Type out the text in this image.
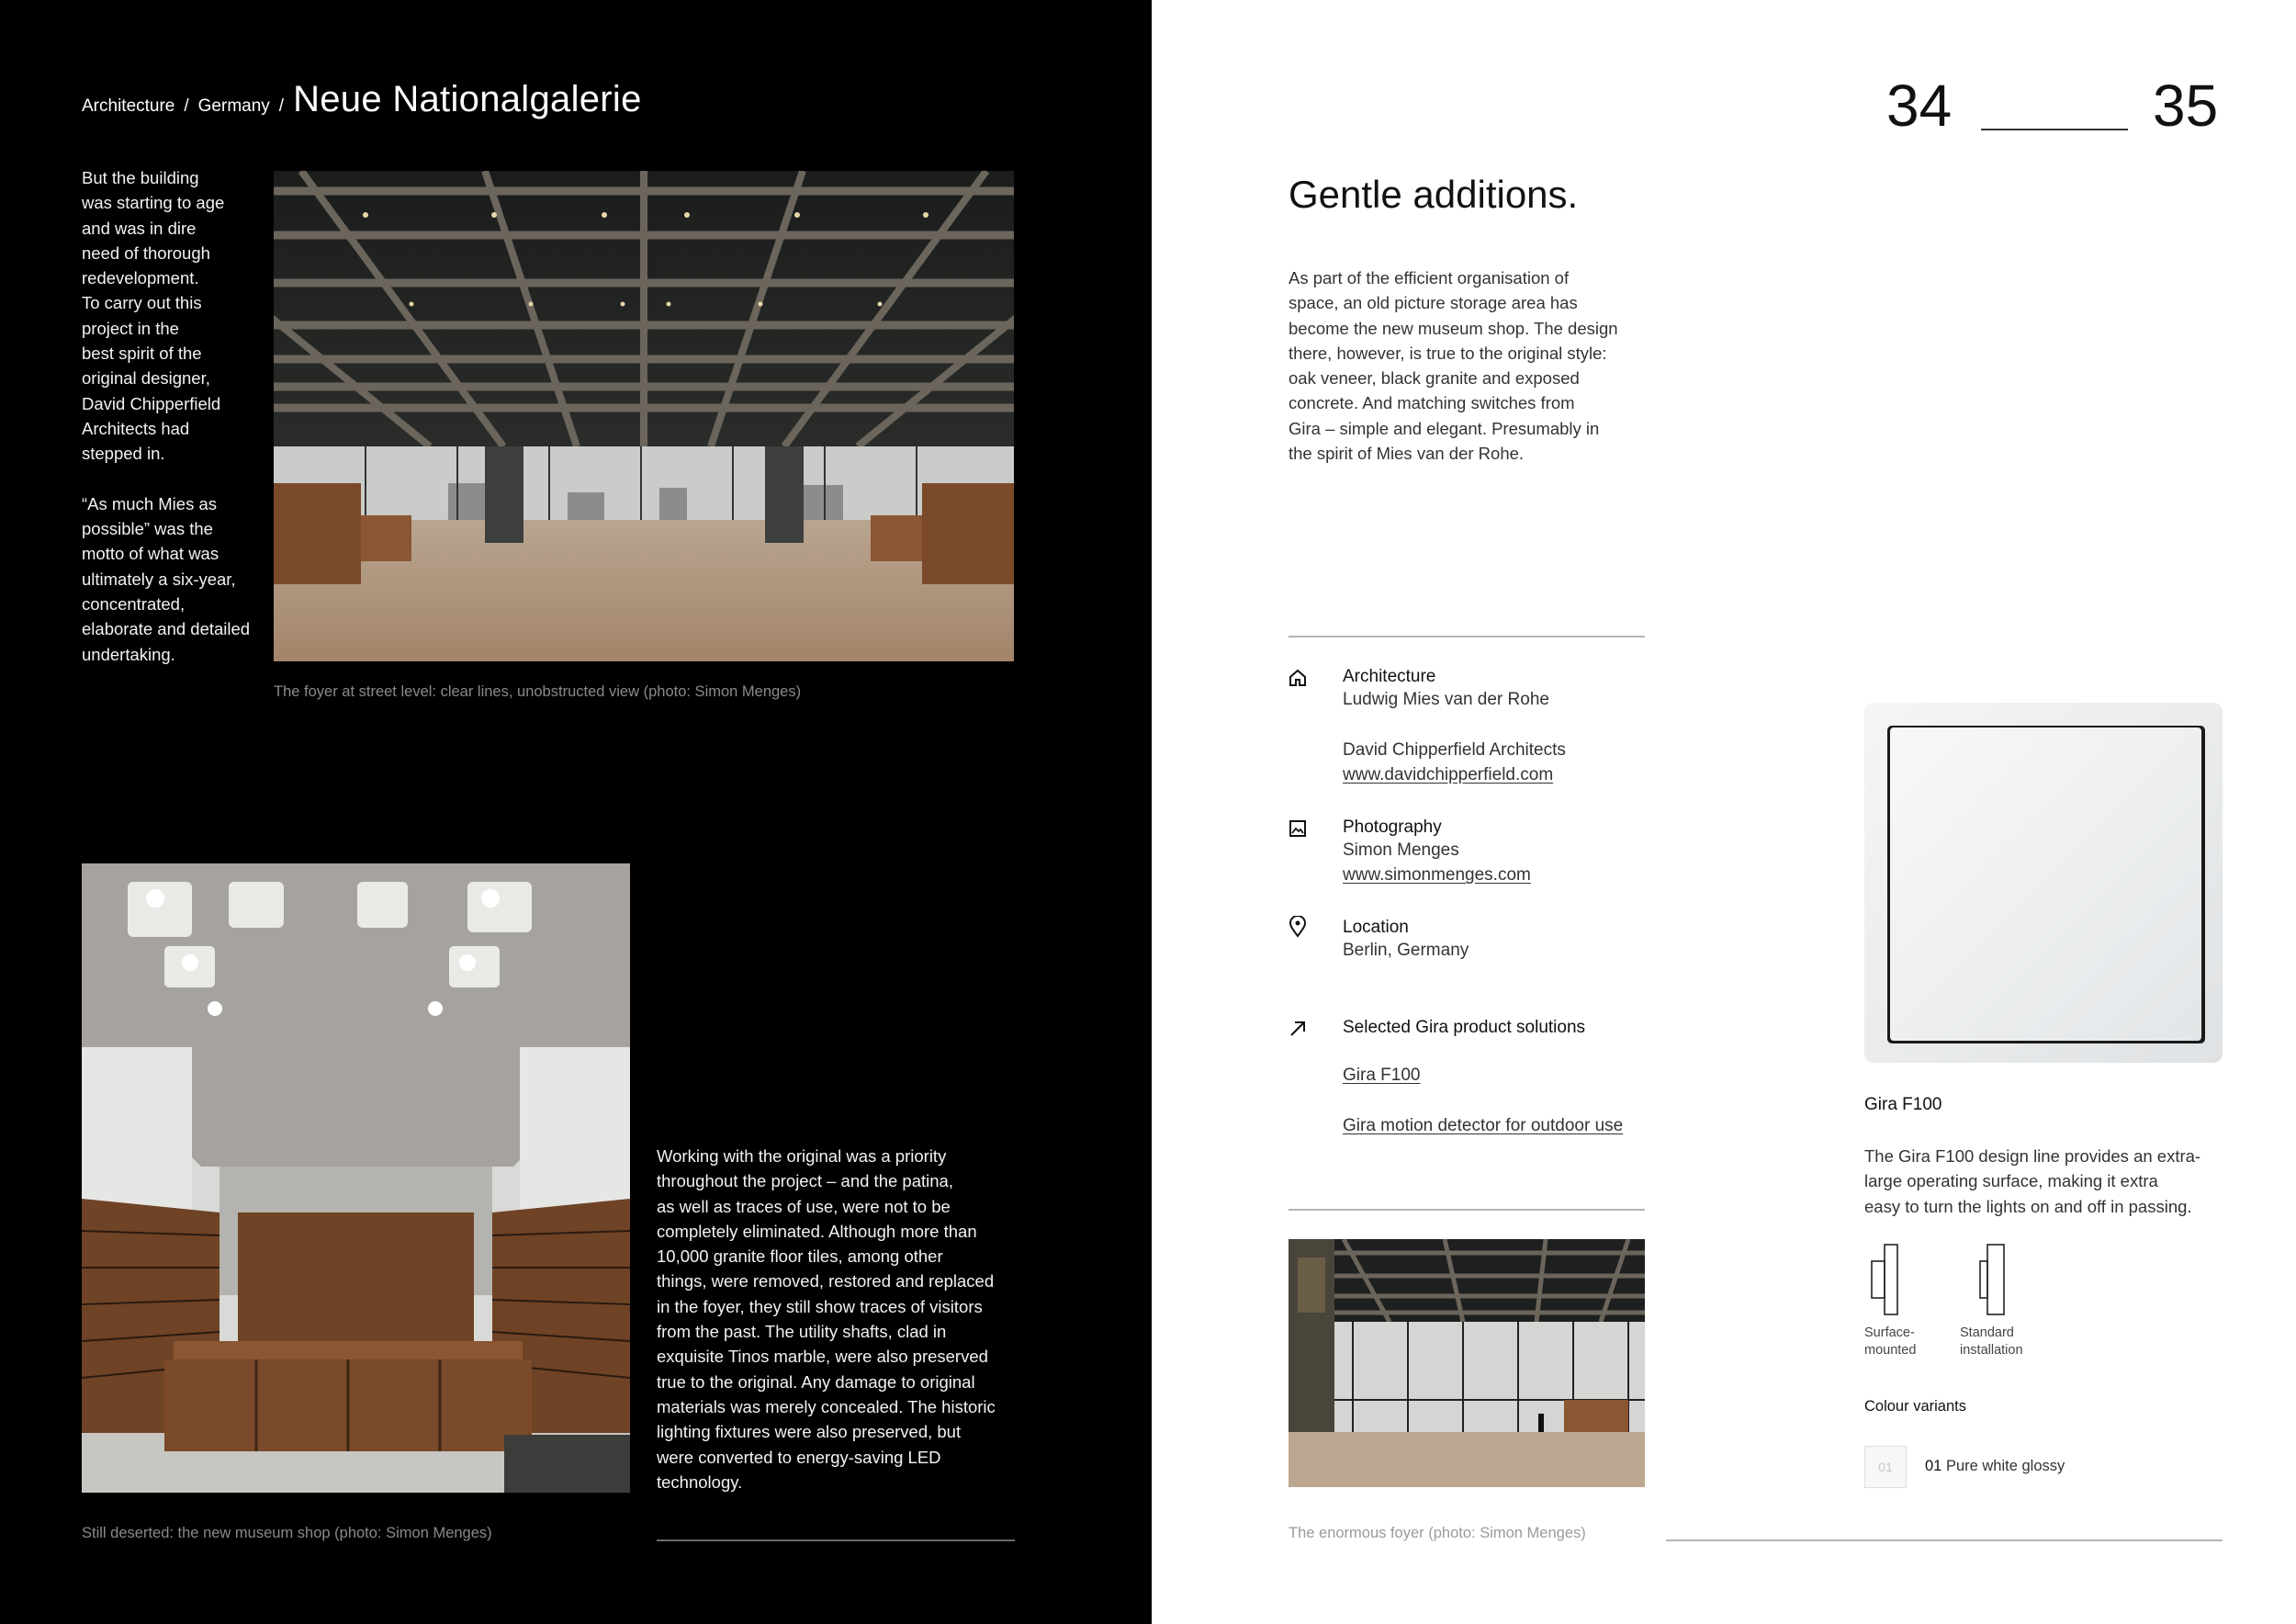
Architecture / Germany / Neue Nationalgalerie
But the building
was starting to age
and was in dire
need of thorough
redevelopment.
To carry out this
project in the
best spirit of the
original designer,
David Chipperfield
Architects had
stepped in.
“As much Mies as
possible” was the
motto of what was
ultimately a six-year,
concentrated,
elaborate and detailed
undertaking.
The foyer at street level: clear lines, unobstructed view (photo: Simon Menges)
Still deserted: the new museum shop (photo: Simon Menges)
Working with the original was a priority
throughout the project – and the patina,
as well as traces of use, were not to be
completely eliminated. Although more than
10,000 granite floor tiles, among other
things, were removed, restored and replaced
in the foyer, they still show traces of visitors
from the past. The utility shafts, clad in
exquisite Tinos marble, were also preserved
true to the original. Any damage to original
materials was merely concealed. The historic
lighting fixtures were also preserved, but
were converted to energy-saving LED
technology.
34	35
Gentle additions.
As part of the efficient organisation of
space, an old picture storage area has
become the new museum shop. The design
there, however, is true to the original style:
oak veneer, black granite and exposed
concrete. And matching switches from
Gira – simple and elegant. Presumably in
the spirit of Mies van der Rohe.
Architecture
Ludwig Mies van der Rohe
David Chipperfield Architects
www.davidchipperfield.com
Photography
Simon Menges
www.simonmenges.com
Location
Berlin, Germany
Selected Gira product solutions
Gira F100
Gira motion detector for outdoor use
The enormous foyer (photo: Simon Menges)
Gira F100
The Gira F100 design line provides an extra-
large operating surface, making it extra
easy to turn the lights on and off in passing.
Surface-
mounted
Standard
installation
Colour variants
01	01 Pure white glossy
